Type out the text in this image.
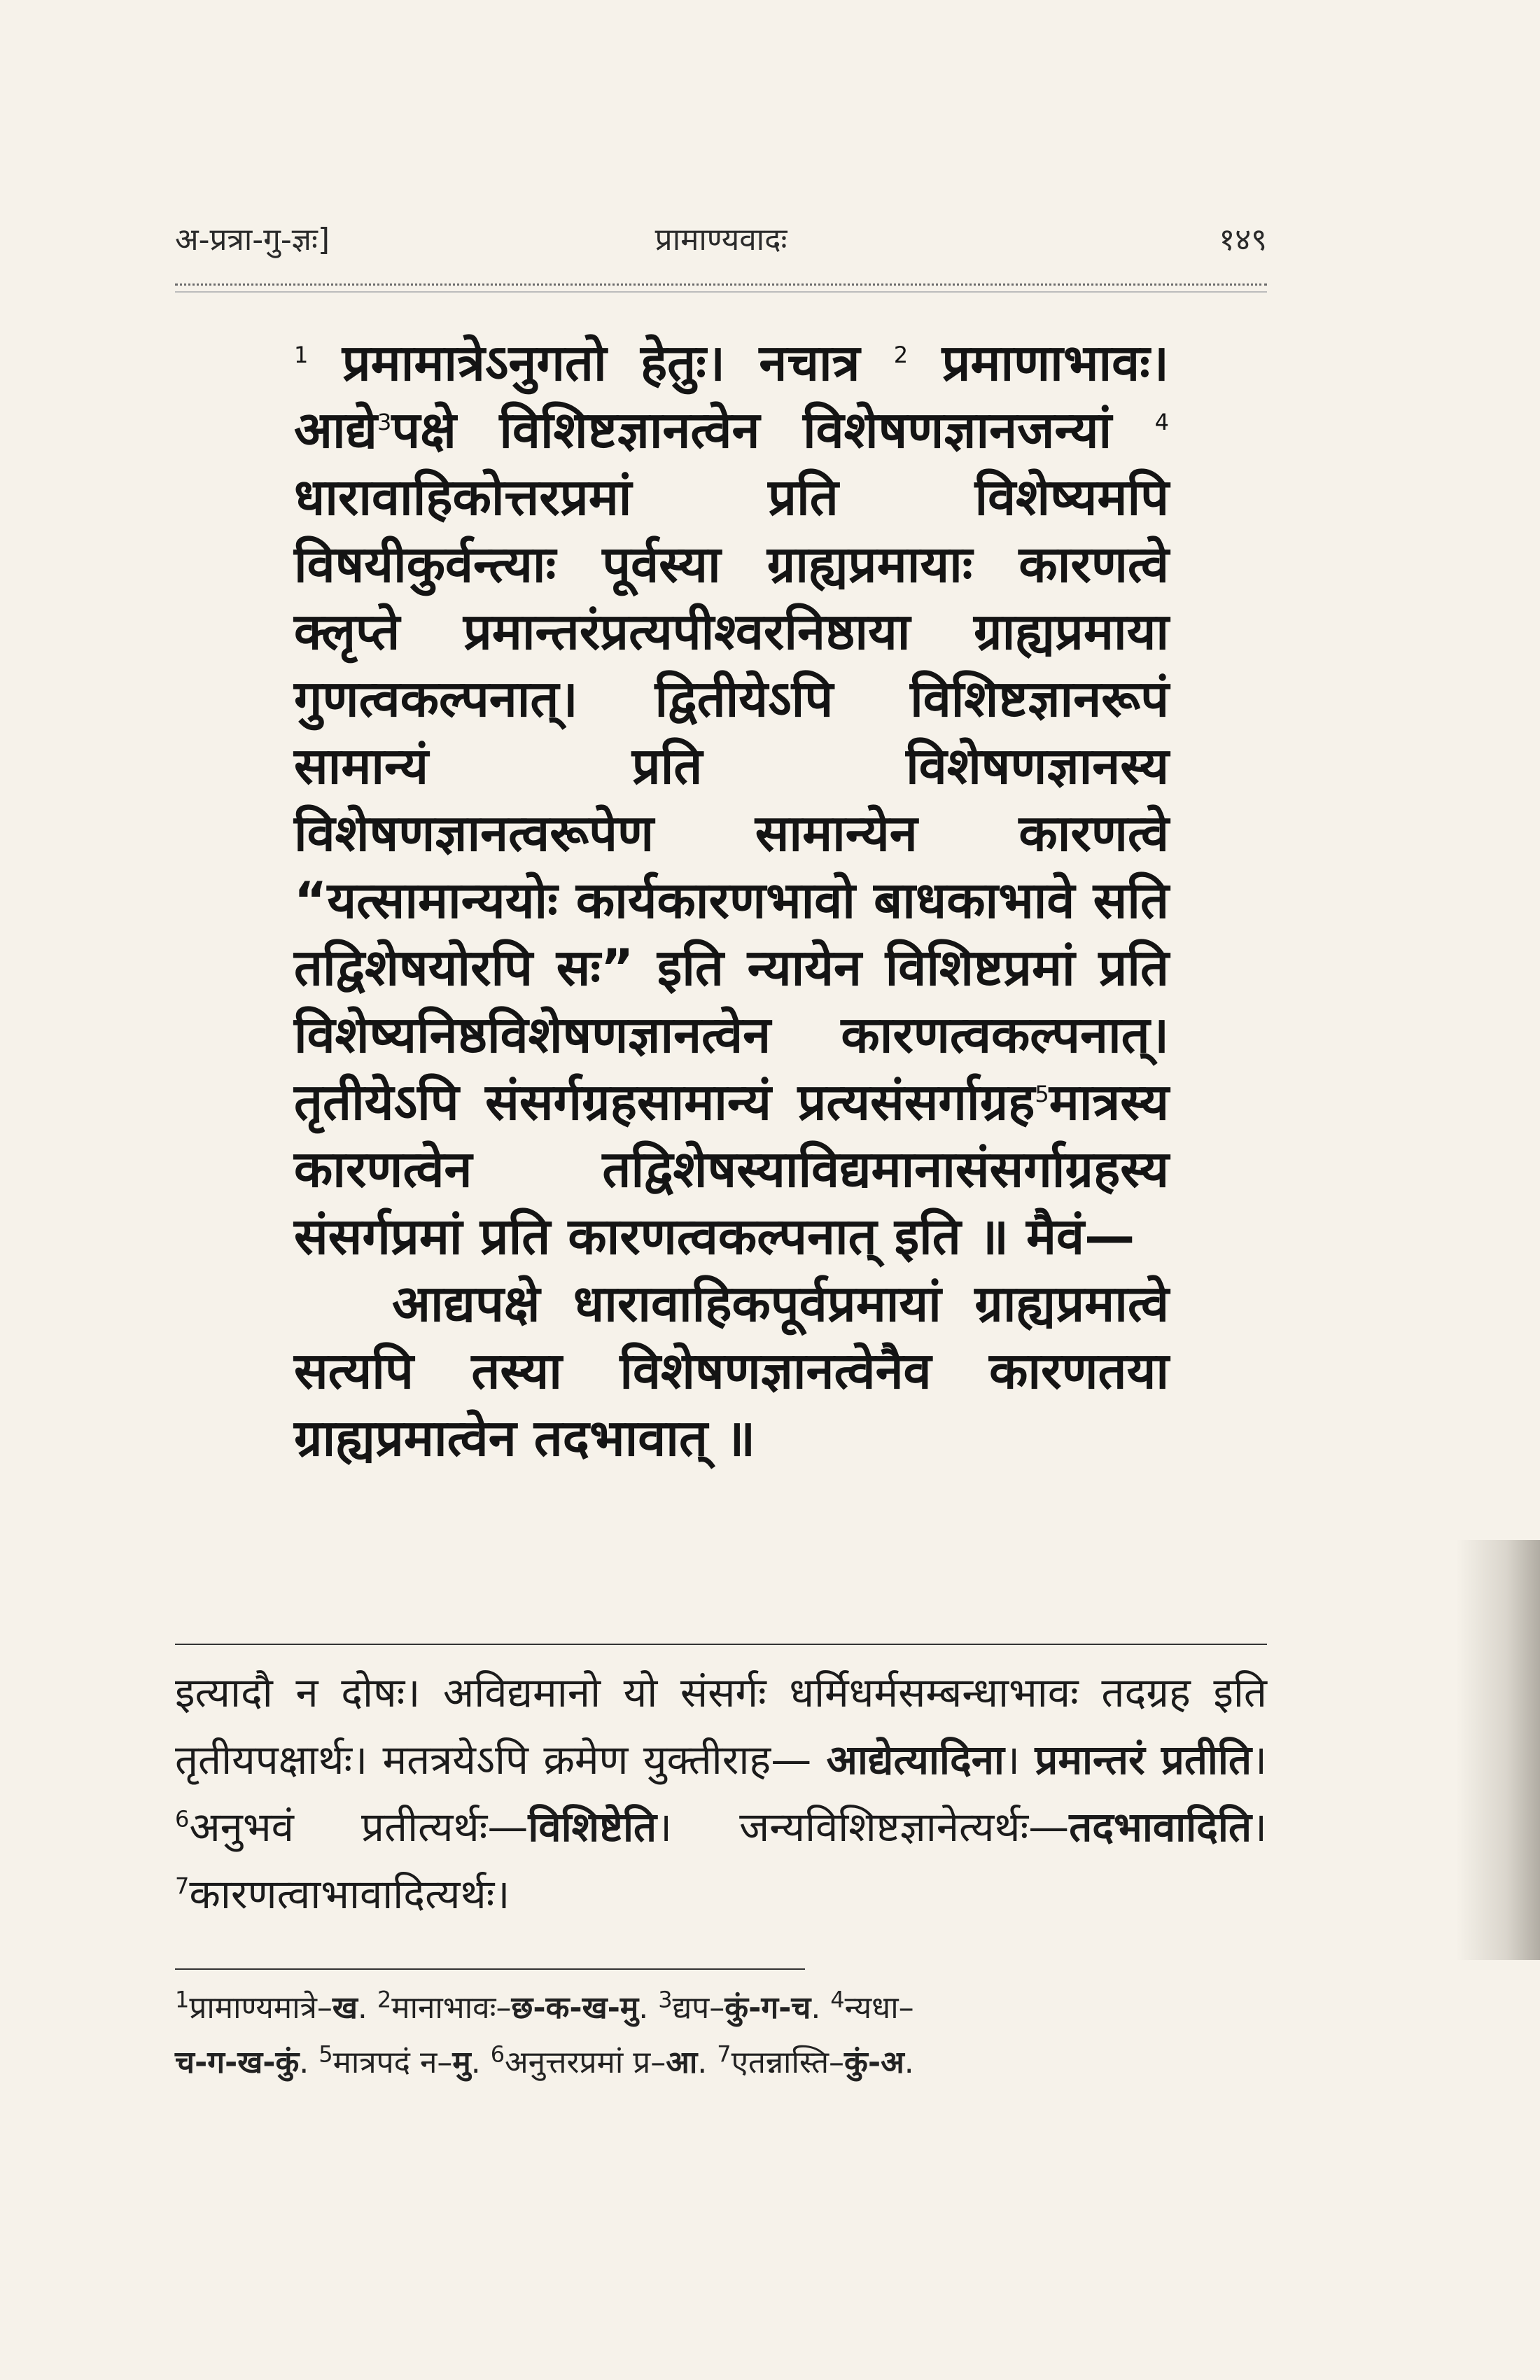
अ-प्रत्रा-गु-ज्ञः]	प्रामाण्यवादः	१४९

$^1$ प्रमामात्रेऽनुगतो हेतुः। नचात्र $^2$ प्रमाणाभावः। आद्ये$^3$पक्षे विशिष्टज्ञानत्वेन विशेषणज्ञानजन्यां $^4$ धारावाहिकोत्तरप्रमां प्रति विशेष्यमपि विषयीकुर्वन्त्याः पूर्वस्या ग्राह्यप्रमायाः कारणत्वे क्लृप्ते प्रमान्तरंप्रत्यपीश्वरनिष्ठाया ग्राह्यप्रमाया गुणत्वकल्पनात्। द्वितीयेऽपि विशिष्टज्ञानरूपं सामान्यं प्रति विशेषणज्ञानस्य विशेषणज्ञानत्वरूपेण सामान्येन कारणत्वे “यत्सामान्ययोः कार्यकारणभावो बाधकाभावे सति तद्विशेषयोरपि सः” इति न्यायेन विशिष्टप्रमां प्रति विशेष्यनिष्ठविशेषणज्ञानत्वेन कारणत्वकल्पनात्। तृतीयेऽपि संसर्गग्रहसामान्यं प्रत्यसंसर्गाग्रह$^5$मात्रस्य कारणत्वेन तद्विशेषस्याविद्यमानासंसर्गाग्रहस्य संसर्गप्रमां प्रति कारणत्वकल्पनात् इति ॥ मैवं—

आद्यपक्षे धारावाहिकपूर्वप्रमायां ग्राह्यप्रमात्वे सत्यपि तस्या विशेषणज्ञानत्वेनैव कारणतया ग्राह्यप्रमात्वेन तदभावात् ॥

इत्यादौ न दोषः। अविद्यमानो यो संसर्गः धर्मिधर्मसम्बन्धाभावः तदग्रह इति तृतीयपक्षार्थः। मतत्रयेऽपि क्रमेण युक्तीराह— आद्येत्यादिना। प्रमान्तरं प्रतीति। $^6$अनुभवं प्रतीत्यर्थः—विशिष्टेति। जन्यविशिष्टज्ञानेत्यर्थः—तदभावादिति। $^7$कारणत्वाभावादित्यर्थः।

$^1$प्रामाण्यमात्रे–ख. $^2$मानाभावः–छ-क-ख-मु. $^3$द्यप–कुं-ग-च. $^4$न्यधा–

च-ग-ख-कुं. $^5$मात्रपदं न–मु. $^6$अनुत्तरप्रमां प्र–आ. $^7$एतन्नास्ति–कुं-अ.
